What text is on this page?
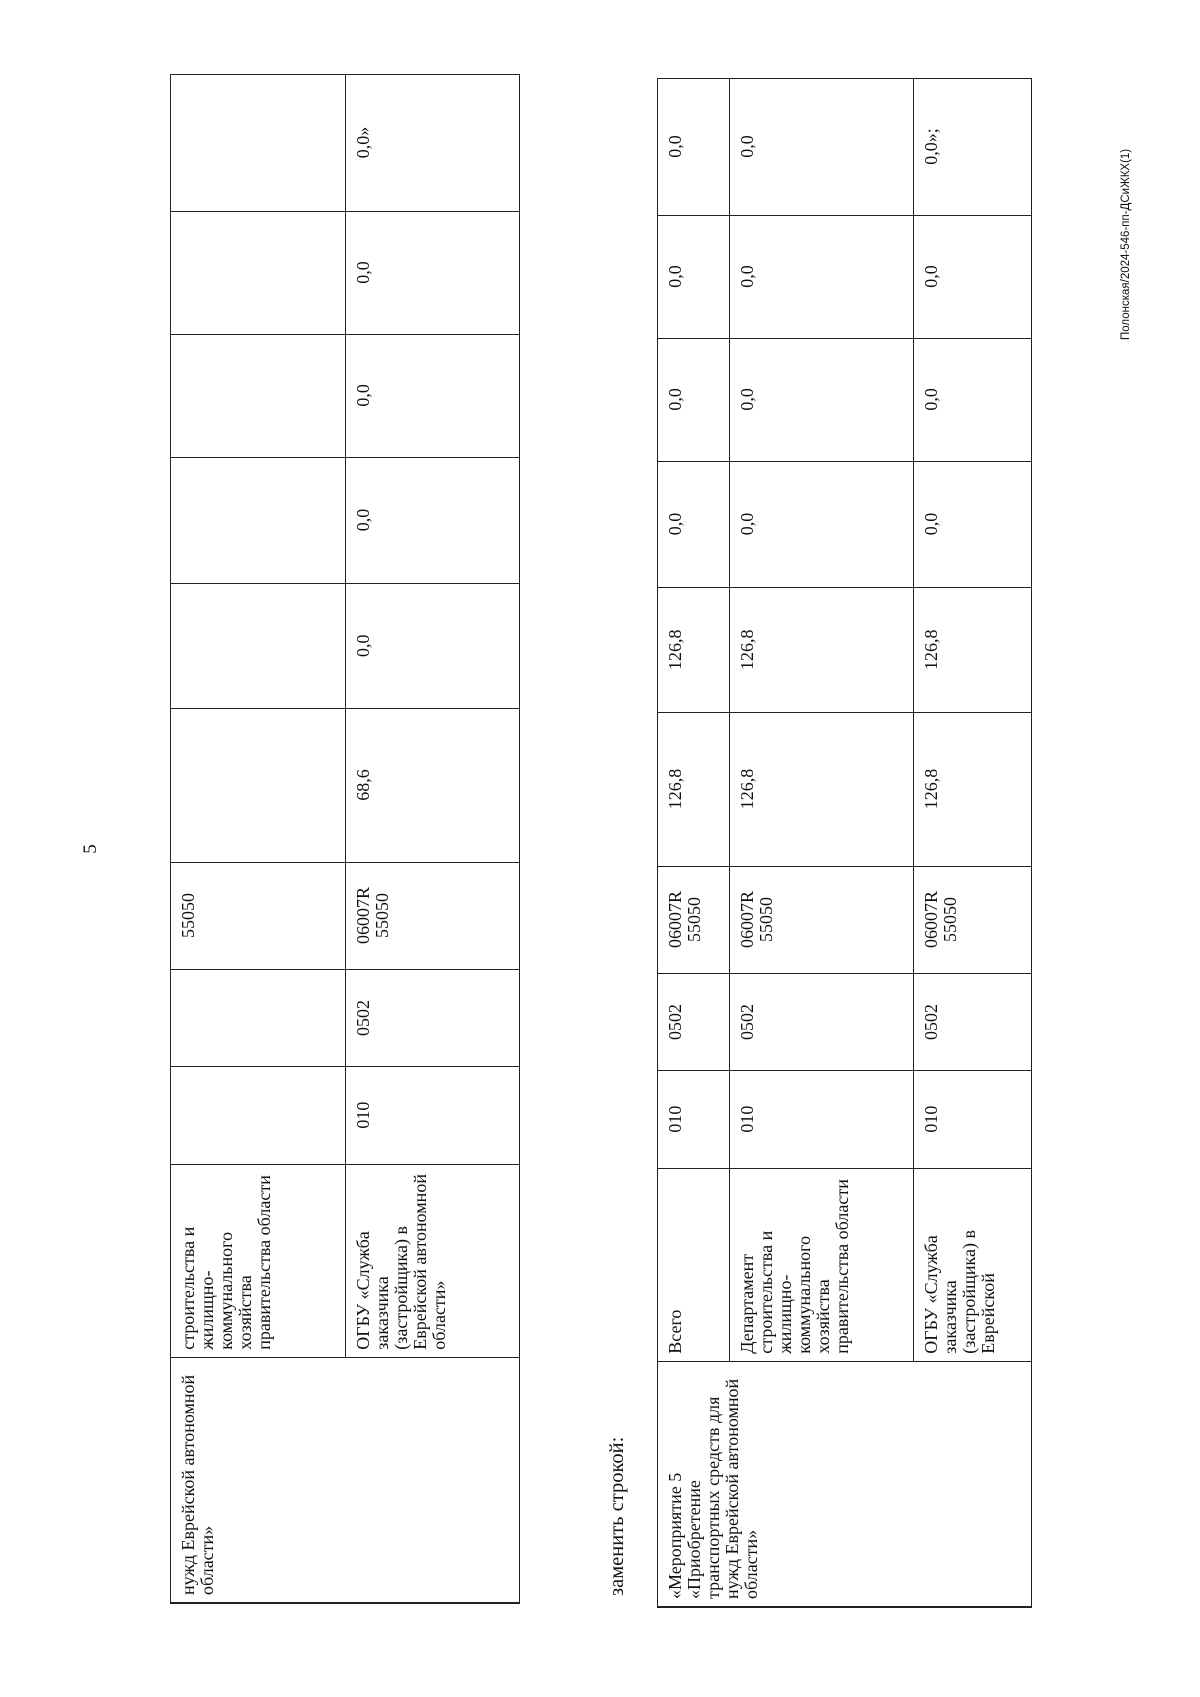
5
Полонская/2024-546-пп-ДСиЖКХ(1)
заменить строкой:
нужд Еврейской автономной области»	строительства и жилищно-коммунального хозяйства правительства области			55050						
	ОГБУ «Служба заказчика (застройщика) в Еврейской автономной области»	010	0502	06007R 55050	68,6	0,0	0,0	0,0	0,0	0,0»
«Мероприятие 5 «Приобретение транспортных средств для нужд Еврейской автономной области»	Всего	010	0502	06007R 55050	126,8	126,8	0,0	0,0	0,0	0,0
	Департамент строительства и жилищно-коммунального хозяйства правительства области	010	0502	06007R 55050	126,8	126,8	0,0	0,0	0,0	0,0
	ОГБУ «Служба заказчика (застройщика) в Еврейской	010	0502	06007R 55050	126,8	126,8	0,0	0,0	0,0	0,0»;
